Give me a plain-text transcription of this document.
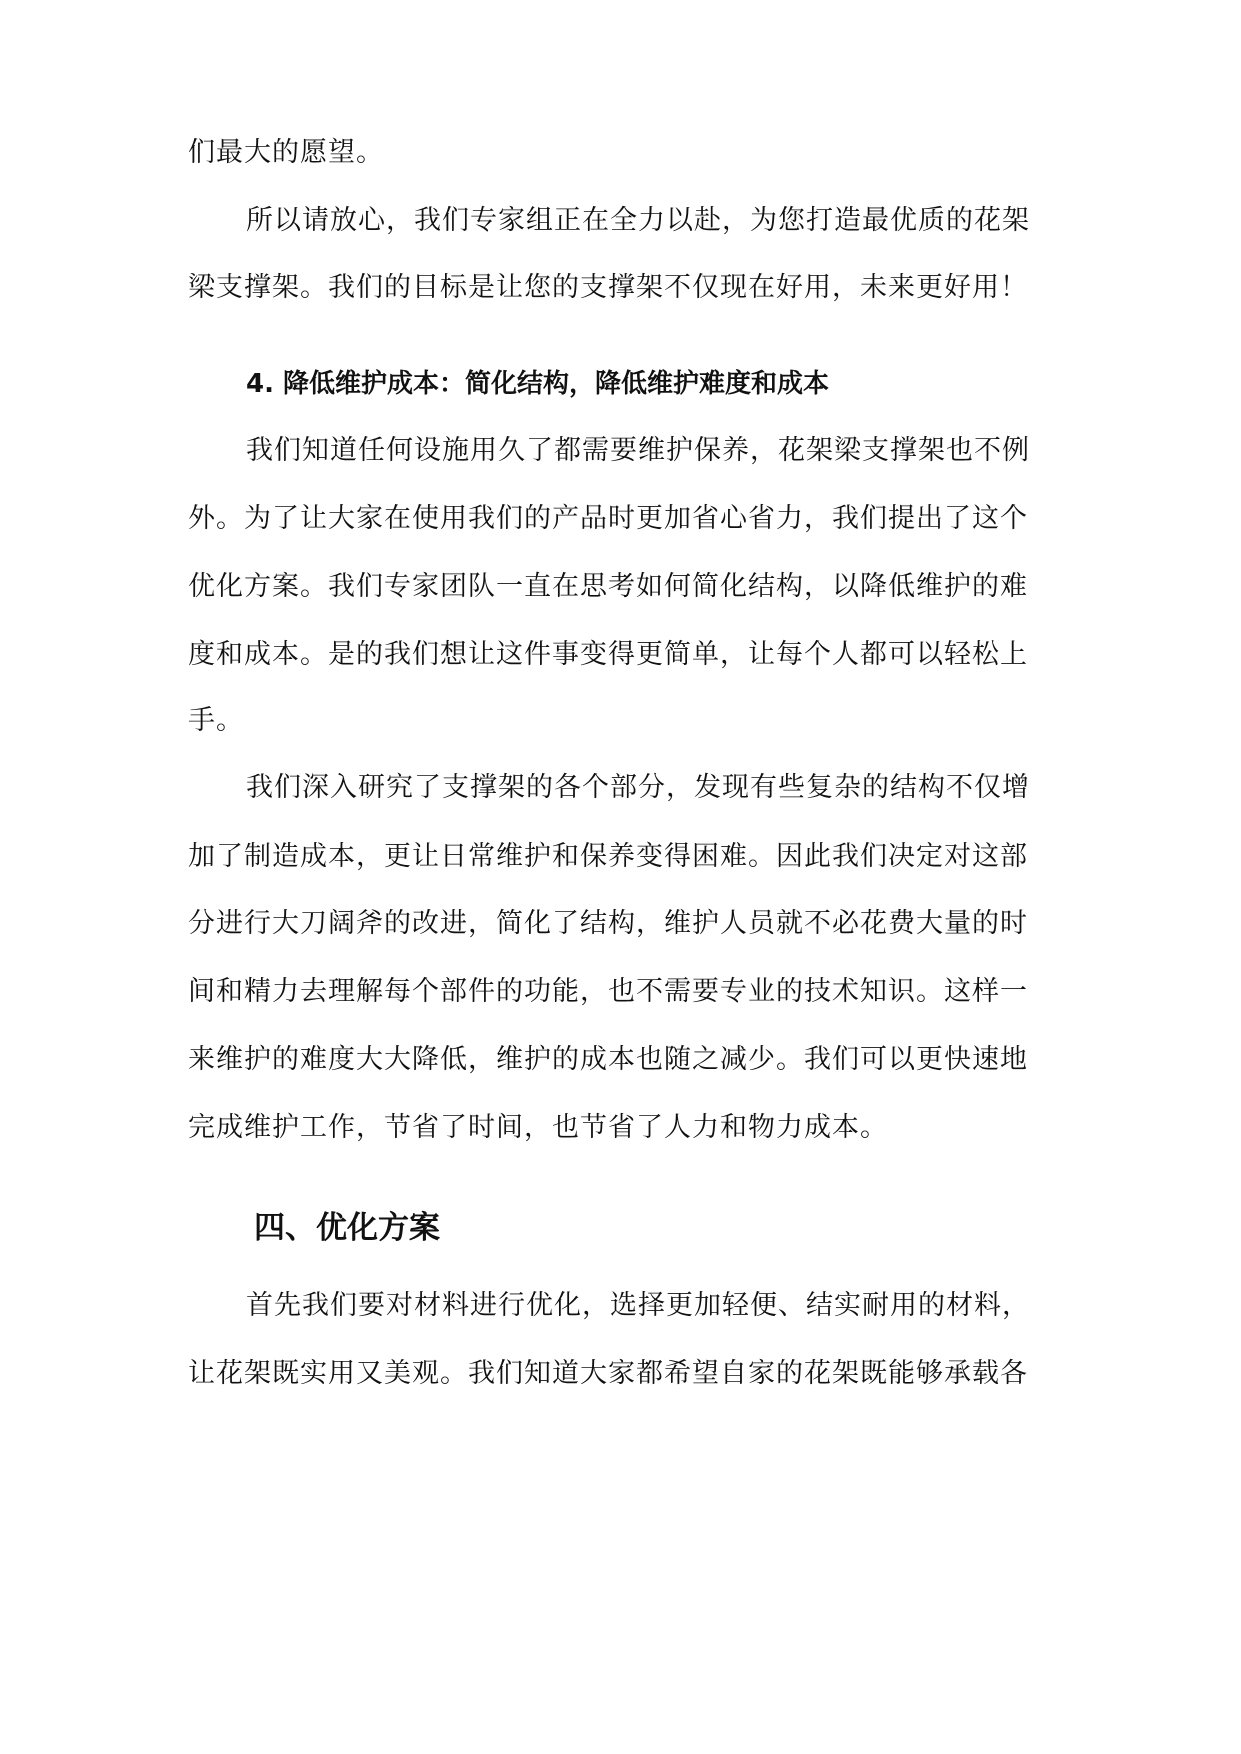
们最大的愿望。
所以请放心，我们专家组正在全力以赴，为您打造最优质的花架
梁支撑架。我们的目标是让您的支撑架不仅现在好用，未来更好用！
4. 降低维护成本：简化结构，降低维护难度和成本
我们知道任何设施用久了都需要维护保养，花架梁支撑架也不例
外。为了让大家在使用我们的产品时更加省心省力，我们提出了这个
优化方案。我们专家团队一直在思考如何简化结构，以降低维护的难
度和成本。是的我们想让这件事变得更简单，让每个人都可以轻松上
手。
我们深入研究了支撑架的各个部分，发现有些复杂的结构不仅增
加了制造成本，更让日常维护和保养变得困难。因此我们决定对这部
分进行大刀阔斧的改进，简化了结构，维护人员就不必花费大量的时
间和精力去理解每个部件的功能，也不需要专业的技术知识。这样一
来维护的难度大大降低，维护的成本也随之减少。我们可以更快速地
完成维护工作，节省了时间，也节省了人力和物力成本。
四、优化方案
首先我们要对材料进行优化，选择更加轻便、结实耐用的材料，
让花架既实用又美观。我们知道大家都希望自家的花架既能够承载各
